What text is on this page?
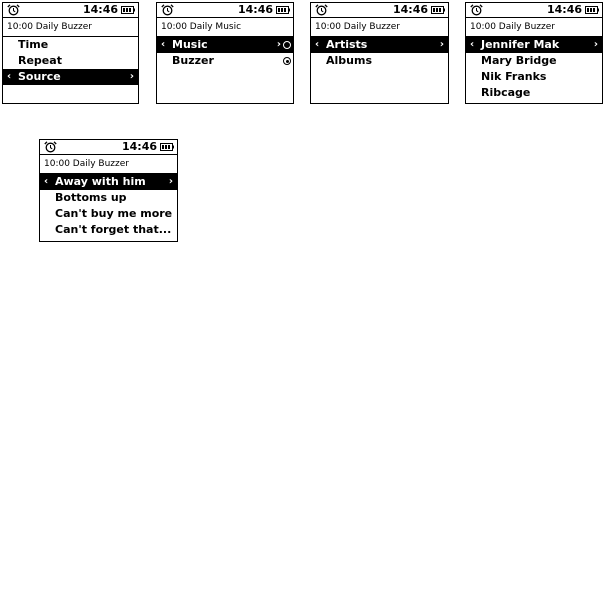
14:46
10:00 Daily Buzzer
Time
Repeat
‹ Source	›
14:46
10:00 Daily Music
‹ Music	›
Buzzer
14:46
10:00 Daily Buzzer
‹ Artists	›
Albums
14:46
10:00 Daily Buzzer
‹ Jennifer Mak	›
Mary Bridge
Nik Franks
Ribcage
14:46
10:00 Daily Buzzer
‹ Away with him ›
Bottoms up
Can't buy me more
Can't forget that...
